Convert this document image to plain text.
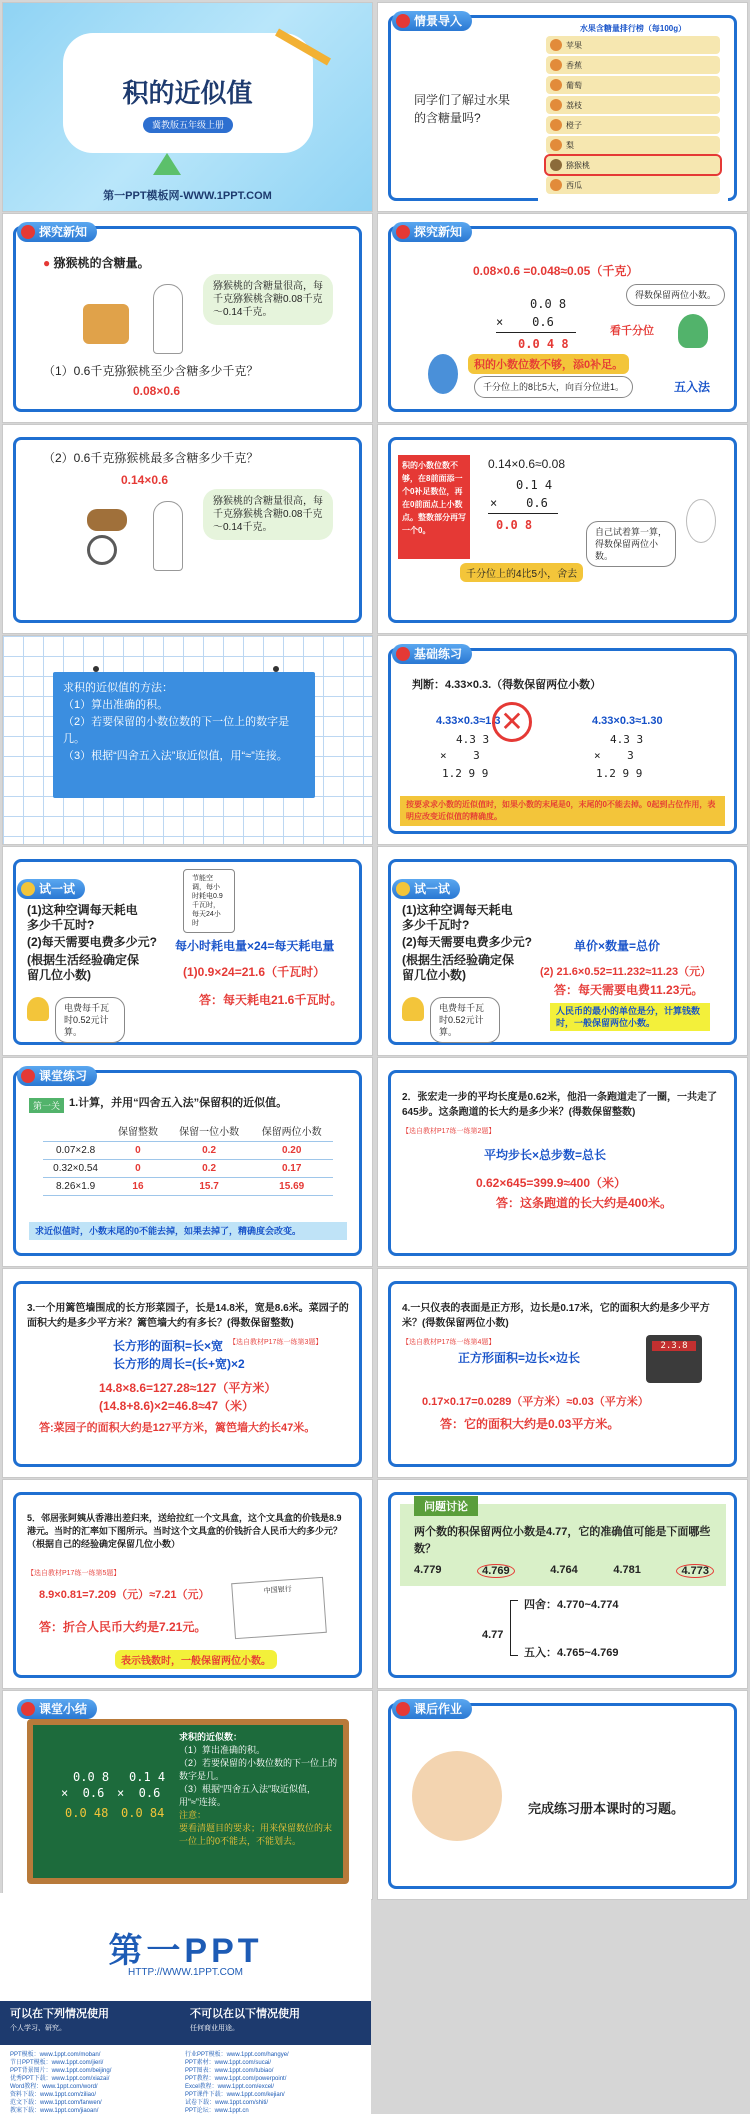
积的近似值
冀教版五年级上册
第一PPT模板网-WWW.1PPT.COM
情景导入
同学们了解过水果的含糖量吗?
水果含糖量排行榜（每100g）
苹果
香蕉
葡萄
荔枝
橙子
梨
猕猴桃
西瓜
探究新知
● 猕猴桃的含糖量。
猕猴桃的含糖量很高，每千克猕猴桃含糖0.08千克～0.14千克。
（1）0.6千克猕猴桃至少含糖多少千克？
0.08×0.6
探究新知
0.08×0.6 =0.048≈0.05（千克）
得数保留两位小数。
0.0 8
×    0.6
0.0 4 8
看千分位
积的小数位数不够，添0补足。
千分位上的8比5大，向百分位进1。	五入法
（2）0.6千克猕猴桃最多含糖多少千克？
0.14×0.6
猕猴桃的含糖量很高，每千克猕猴桃含糖0.08千克～0.14千克。
积的小数位数不够，在8前面添一个0补足数位，再在0前面点上小数点。整数部分再写一个0。
0.14×0.6≈0.08
0.1 4
×    0.6
0.0 8	自己试着算一算，得数保留两位小数。
千分位上的4比5小，舍去
求积的近似值的方法：
（1）算出准确的积。
（2）若要保留的小数位数的下一位上的数字是几。
（3）根据“四舍五入法”取近似值，用“≈”连接。
基础练习
判断：4.33×0.3.（得数保留两位小数）
4.33×0.3≈1.3	4.33×0.3≈1.30
✕
4.3 3
×    3
1.2 9 9
4.3 3
×    3
1.2 9 9
按要求求小数的近似值时，如果小数的末尾是0，末尾的0不能去掉。0起到占位作用，表明应改变近似值的精确度。
试一试
(1)这种空调每天耗电多少千瓦时?
(2)每天需要电费多少元?
(根据生活经验确定保留几位小数)
节能空调，每小时耗电0.9千瓦时，每天24小时
每小时耗电量×24=每天耗电量
(1)0.9×24=21.6（千瓦时）
答：每天耗电21.6千瓦时。
电费每千瓦时0.52元计算。
试一试
(1)这种空调每天耗电多少千瓦时?
(2)每天需要电费多少元?
(根据生活经验确定保留几位小数)
单价×数量=总价
(2) 21.6×0.52=11.232≈11.23（元）
答：每天需要电费11.23元。
人民币的最小的单位是分，计算钱数时，一般保留两位小数。
电费每千瓦时0.52元计算。
课堂练习
第一关 1.计算，并用“四舍五入法”保留积的近似值。
	保留整数	保留一位小数	保留两位小数
0.07×2.8	0	0.2	0.20
0.32×0.54	0	0.2	0.17
8.26×1.9	16	15.7	15.69
求近似值时，小数末尾的0不能去掉，如果去掉了，精确度会改变。
2．张宏走一步的平均长度是0.62米，他沿一条跑道走了一圈，一共走了645步。这条跑道的长大约是多少米？(得数保留整数)
【选自教材P17练一练第2题】
平均步长×总步数=总长
0.62×645=399.9≈400（米）
答：这条跑道的长大约是400米。
3.一个用篱笆墙围成的长方形菜园子，长是14.8米，宽是8.6米。菜园子的面积大约是多少平方米？篱笆墙大约有多长？(得数保留整数)
【选自教材P17练一练第3题】
长方形的面积=长×宽
长方形的周长=(长+宽)×2
14.8×8.6=127.28≈127（平方米）
(14.8+8.6)×2=46.8≈47（米）
答:菜园子的面积大约是127平方米，篱笆墙大约长47米。
4.一只仪表的表面是正方形，边长是0.17米，它的面积大约是多少平方米？(得数保留两位小数)
【选自教材P17练一练第4题】
正方形面积=边长×边长
2.3.8
0.17×0.17=0.0289（平方米）≈0.03（平方米）
答：它的面积大约是0.03平方米。
5．邻居张阿姨从香港出差归来，送给拉红一个文具盒，这个文具盒的价钱是8.9港元。当时的汇率如下图所示。当时这个文具盒的价钱折合人民币大约多少元？（根据自己的经验确定保留几位小数）
【选自教材P17练一练第5题】
8.9×0.81=7.209（元）≈7.21（元）
答：折合人民币大约是7.21元。
中国银行
表示钱数时，一般保留两位小数。
问题讨论
两个数的积保留两位小数是4.77，它的准确值可能是下面哪些数？
4.779	4.769	4.764	4.781	4.773
4.77
四舍：4.770~4.774
五入：4.765~4.769
课堂小结
0.0 8
×  0.6
0.0 48
0.1 4
×  0.6
0.0 84
求积的近似数：
（1）算出准确的积。
（2）若要保留的小数位数的下一位上的数字是几。
（3）根据“四舍五入法”取近似值，用“≈”连接。
注意：
要看清题目的要求；用来保留数位的末一位上的0不能去，不能划去。
课后作业
完成练习册本课时的习题。
第一PPT
HTTP://WWW.1PPT.COM
可以在下列情况使用
个人学习、研究。
不可以在以下情况使用
任何商业用途。
PPT模板：www.1ppt.com/moban/	行业PPT模板：www.1ppt.com/hangye/
节日PPT模板：www.1ppt.com/jieri/	PPT素材：www.1ppt.com/sucai/
PPT背景图片：www.1ppt.com/beijing/	PPT图表：www.1ppt.com/tubiao/
优秀PPT下载：www.1ppt.com/xiazai/	PPT教程：www.1ppt.com/powerpoint/
Word教程：www.1ppt.com/word/	Excel教程：www.1ppt.com/excel/
资料下载：www.1ppt.com/ziliao/	PPT课件下载：www.1ppt.com/kejian/
范文下载：www.1ppt.com/fanwen/	试卷下载：www.1ppt.com/shiti/
教案下载：www.1ppt.com/jiaoan/	PPT论坛：www.1ppt.cn
